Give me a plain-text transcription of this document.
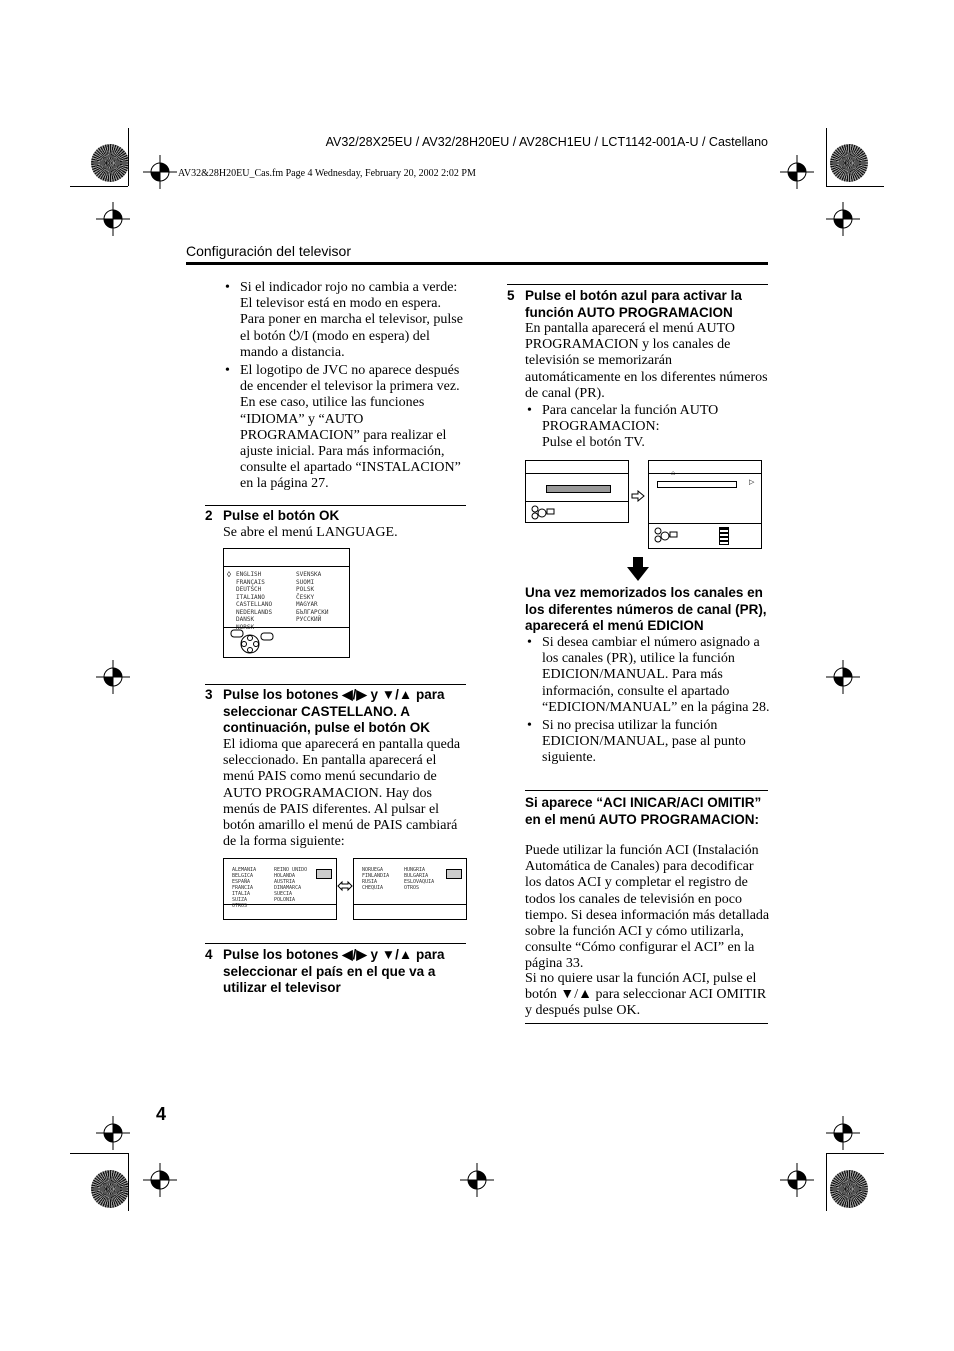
AV32/28X25EU / AV32/28H20EU / AV28CH1EU / LCT1142-001A-U / Castellano
AV32&28H20EU_Cas.fm Page 4 Wednesday, February 20, 2002 2:02 PM
Configuración del televisor
• Si el indicador rojo no cambia a verde: El televisor está en modo en espera. Para poner en marcha el televisor, pulse el botón ⏻/I (modo en espera) del mando a distancia.
• El logotipo de JVC no aparece después de encender el televisor la primera vez. En ese caso, utilice las funciones “IDIOMA” y “AUTO PROGRAMACION” para realizar el ajuste inicial. Para más información, consulte el apartado “INSTALACION” en la página 27.
2 Pulse el botón OK
Se abre el menú LANGUAGE.
ENGLISH
FRANÇAIS
DEUTSCH
ITALIANO
CASTELLANO
NEDERLANDS
DANSK
NORSK
SVENSKA
SUOMI
POLSK
ČESKY
MAGYAR
БЪЛГАРСКИ
РУССКИЙ
◊
3 Pulse los botones ◀/▶ y ▼/▲ para seleccionar CASTELLANO. A continuación, pulse el botón OK
El idioma que aparecerá en pantalla queda seleccionado. En pantalla aparecerá el menú PAIS como menú secundario de AUTO PROGRAMACION. Hay dos menús de PAIS diferentes. Al pulsar el botón amarillo el menú de PAIS cambiará de la forma siguiente:
ALEMANIA
BELGICA
ESPAÑA
FRANCIA
ITALIA
SUIZA
OTROS
REINO UNIDO
HOLANDA
AUSTRIA
DINAMARCA
SUECIA
POLONIA
NORUEGA
FINLANDIA
RUSIA
CHEQUIA
HUNGRIA
BULGARIA
ESLOVAQUIA
OTROS
4 Pulse los botones ◀/▶ y ▼/▲ para seleccionar el país en el que va a utilizar el televisor
5 Pulse el botón azul para activar la función AUTO PROGRAMACION
En pantalla aparecerá el menú AUTO PROGRAMACION y los canales de televisión se memorizarán automáticamente en los diferentes números de canal (PR).
• Para cancelar la función AUTO PROGRAMACION:
Pulse el botón TV.
⌂
▷
Una vez memorizados los canales en los diferentes números de canal (PR), aparecerá el menú EDICION
• Si desea cambiar el número asignado a los canales (PR), utilice la función EDICION/MANUAL. Para más información, consulte el apartado “EDICION/MANUAL” en la página 28.
• Si no precisa utilizar la función EDICION/MANUAL, pase al punto siguiente.
Si aparece “ACI INICAR/ACI OMITIR” en el menú AUTO PROGRAMACION:
Puede utilizar la función ACI (Instalación Automática de Canales) para decodificar los datos ACI y completar el registro de todos los canales de televisión en poco tiempo. Si desea información más detallada sobre la función ACI y cómo utilizarla, consulte “Cómo configurar el ACI” en la página 33.
Si no quiere usar la función ACI, pulse el botón ▼/▲ para seleccionar ACI OMITIR y después pulse OK.
4
